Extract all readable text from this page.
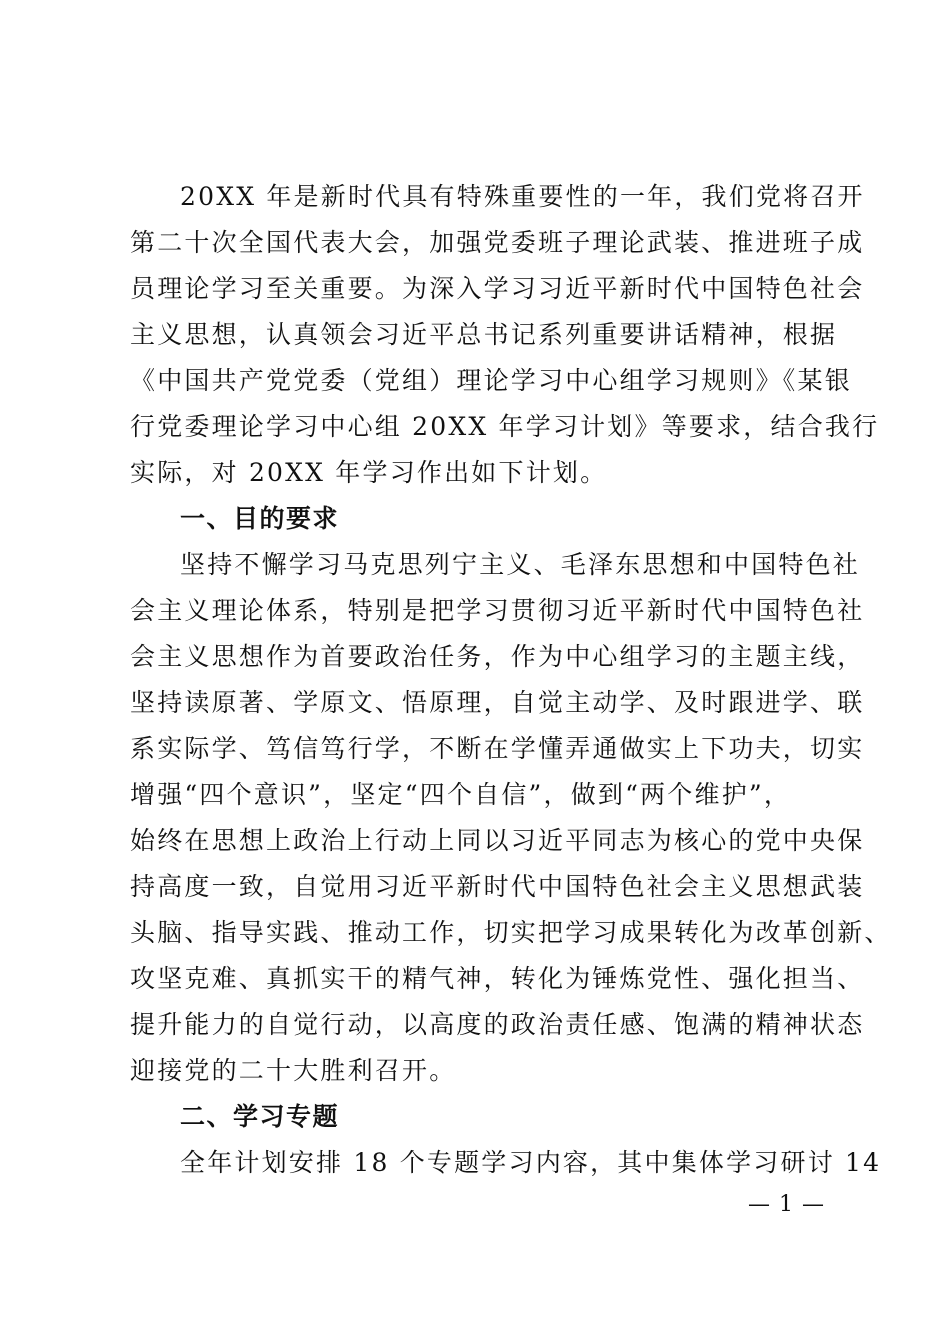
20XX 年是新时代具有特殊重要性的一年，我们党将召开
第二十次全国代表大会，加强党委班子理论武装、推进班子成
员理论学习至关重要。为深入学习习近平新时代中国特色社会
主义思想，认真领会习近平总书记系列重要讲话精神，根据
《中国共产党党委（党组）理论学习中心组学习规则》《某银
行党委理论学习中心组 20XX 年学习计划》等要求，结合我行
实际，对 20XX 年学习作出如下计划。
一、目的要求
坚持不懈学习马克思列宁主义、毛泽东思想和中国特色社
会主义理论体系，特别是把学习贯彻习近平新时代中国特色社
会主义思想作为首要政治任务，作为中心组学习的主题主线，
坚持读原著、学原文、悟原理，自觉主动学、及时跟进学、联
系实际学、笃信笃行学，不断在学懂弄通做实上下功夫，切实
增强“四个意识”，坚定“四个自信”，做到“两个维护”，
始终在思想上政治上行动上同以习近平同志为核心的党中央保
持高度一致，自觉用习近平新时代中国特色社会主义思想武装
头脑、指导实践、推动工作，切实把学习成果转化为改革创新、
攻坚克难、真抓实干的精气神，转化为锤炼党性、强化担当、
提升能力的自觉行动，以高度的政治责任感、饱满的精神状态
迎接党的二十大胜利召开。
二、学习专题
全年计划安排 18 个专题学习内容，其中集体学习研讨 14
— 1 —
